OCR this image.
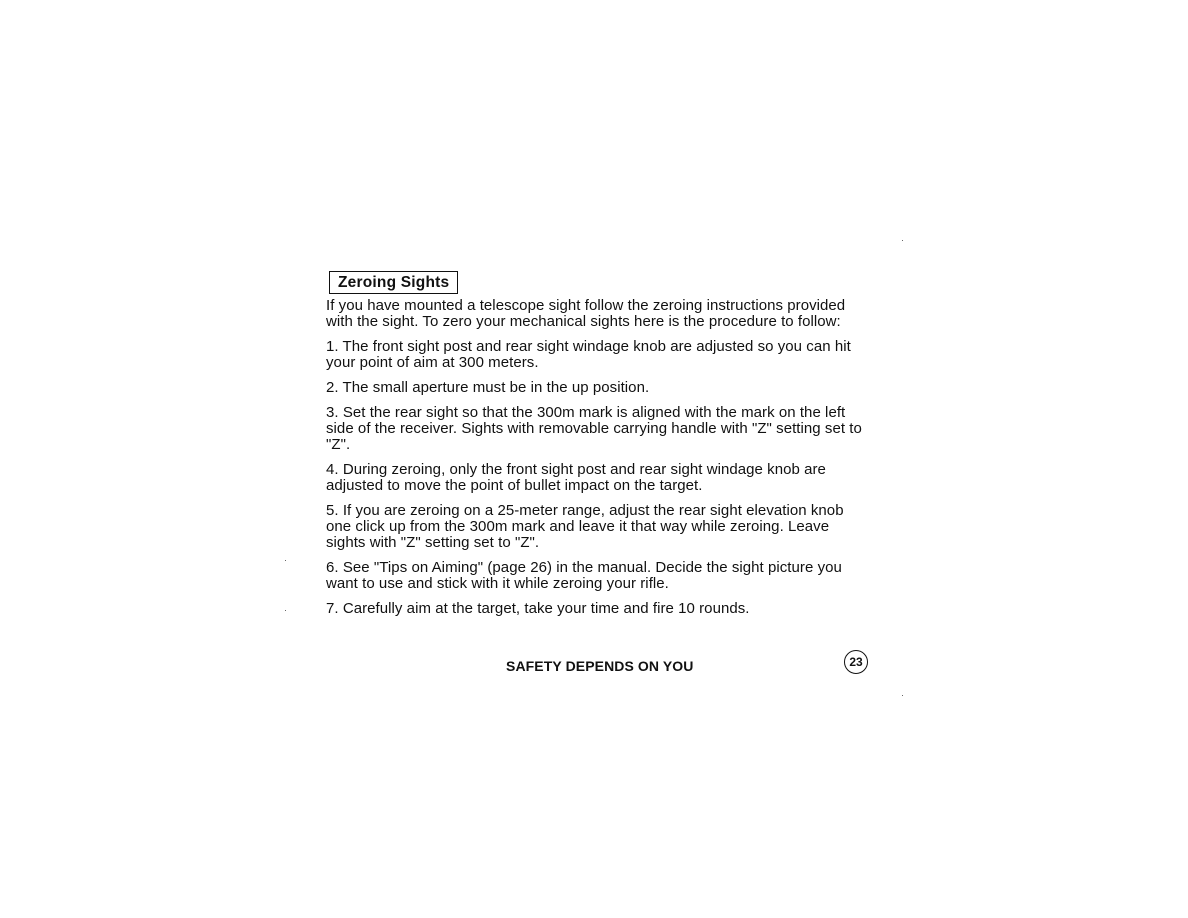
Zeroing Sights

If you have mounted a telescope sight follow the zeroing instructions provided with the sight. To zero your mechanical sights here is the procedure to follow:

1. The front sight post and rear sight windage knob are adjusted so you can hit your point of aim at 300 meters.
2. The small aperture must be in the up position.
3. Set the rear sight so that the 300m mark is aligned with the mark on the left side of the receiver. Sights with removable carrying handle with "Z" setting set to "Z".
4. During zeroing, only the front sight post and rear sight windage knob are adjusted to move the point of bullet impact on the target.
5. If you are zeroing on a 25-meter range, adjust the rear sight elevation knob one click up from the 300m mark and leave it that way while zeroing. Leave sights with "Z" setting set to "Z".
6. See "Tips on Aiming" (page 26) in the manual. Decide the sight picture you want to use and stick with it while zeroing your rifle.
7. Carefully aim at the target, take your time and fire 10 rounds.
SAFETY DEPENDS ON YOU	23
